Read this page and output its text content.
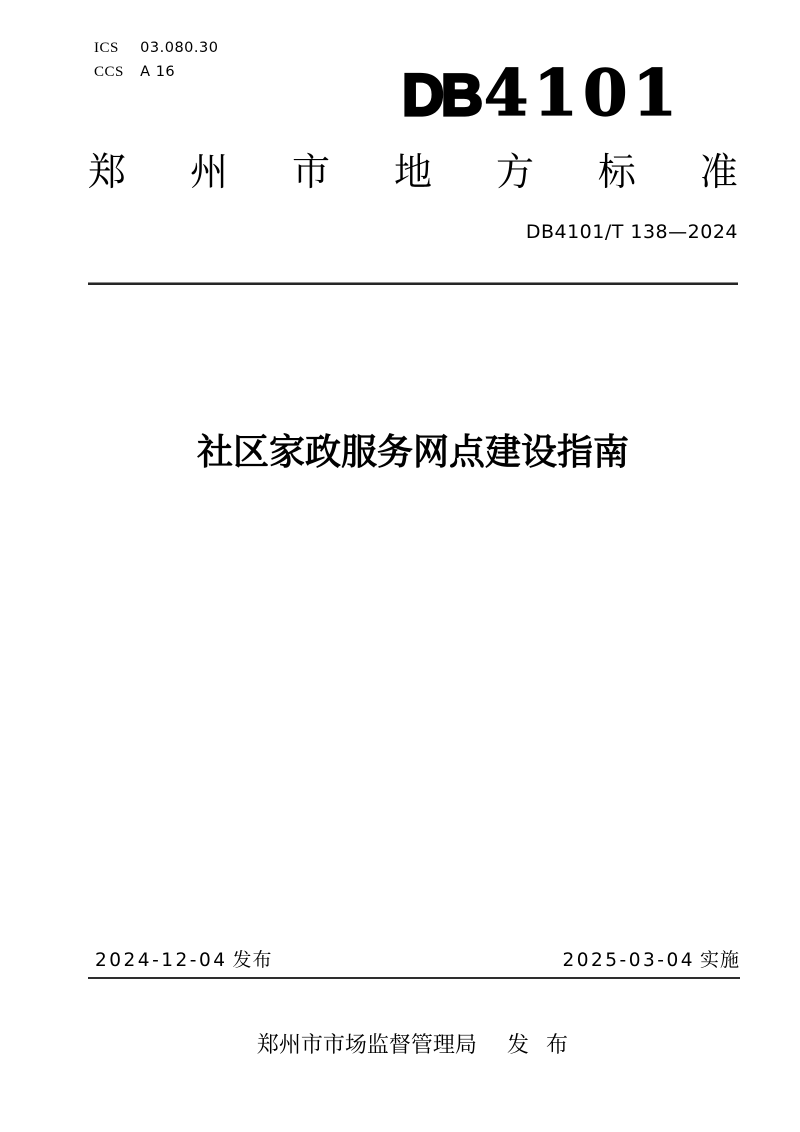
ICS 03.080.30
CCS A 16	DB 4101
郑 州 市 地 方 标 准
DB4101/T 138—2024
社区家政服务网点建设指南
2024-12-04 发布	2025-03-04 实施
郑州市市场监督管理局 发 布
